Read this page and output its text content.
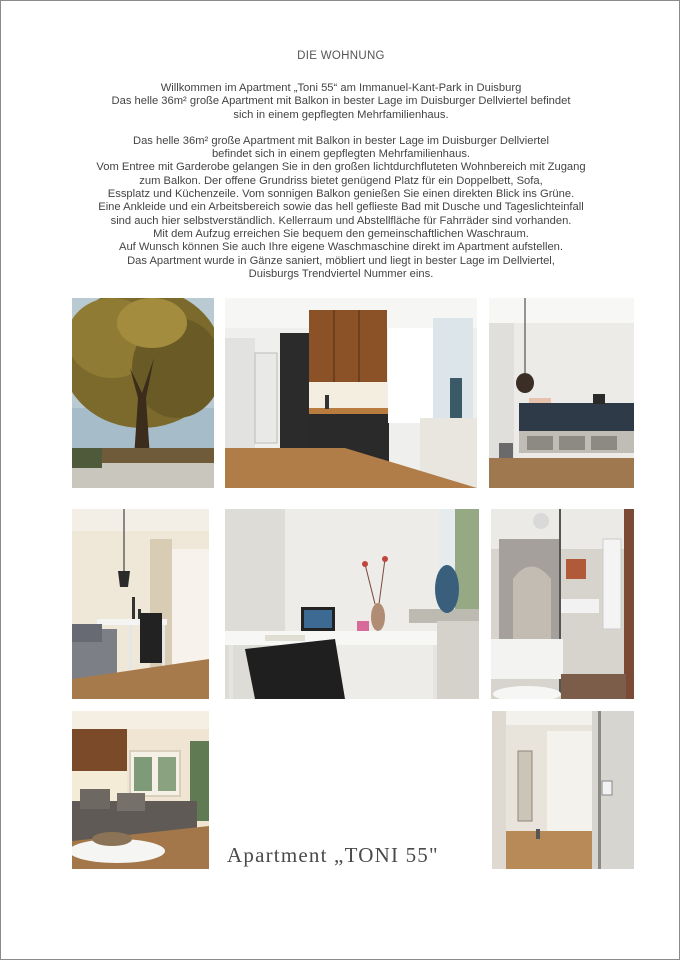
DIE WOHNUNG
Willkommen im Apartment „Toni 55“ am Immanuel-Kant-Park in Duisburg
Das helle 36m² große Apartment mit Balkon in bester Lage im Duisburger Dellviertel befindet
sich in einem gepflegten Mehrfamilienhaus.
Das helle 36m² große Apartment mit Balkon in bester Lage im Duisburger Dellviertel
befindet sich in einem gepflegten Mehrfamilienhaus.
Vom Entree mit Garderobe gelangen Sie in den großen lichtdurchfluteten Wohnbereich mit Zugang
zum Balkon. Der offene Grundriss bietet genügend Platz für ein Doppelbett, Sofa,
Essplatz und Küchenzeile. Vom sonnigen Balkon genießen Sie einen direkten Blick ins Grüne.
Eine Ankleide und ein Arbeitsbereich sowie das hell geflieste Bad mit Dusche und Tageslichteinfall
sind auch hier selbstverständlich. Kellerraum und Abstellfläche für Fahrräder sind vorhanden.
Mit dem Aufzug erreichen Sie bequem den gemeinschaftlichen Waschraum.
Auf Wunsch können Sie auch Ihre eigene Waschmaschine direkt im Apartment aufstellen.
Das Apartment wurde in Gänze saniert, möbliert und liegt in bester Lage im Dellviertel,
Duisburgs Trendviertel Nummer eins.
Apartment „TONI 55"
